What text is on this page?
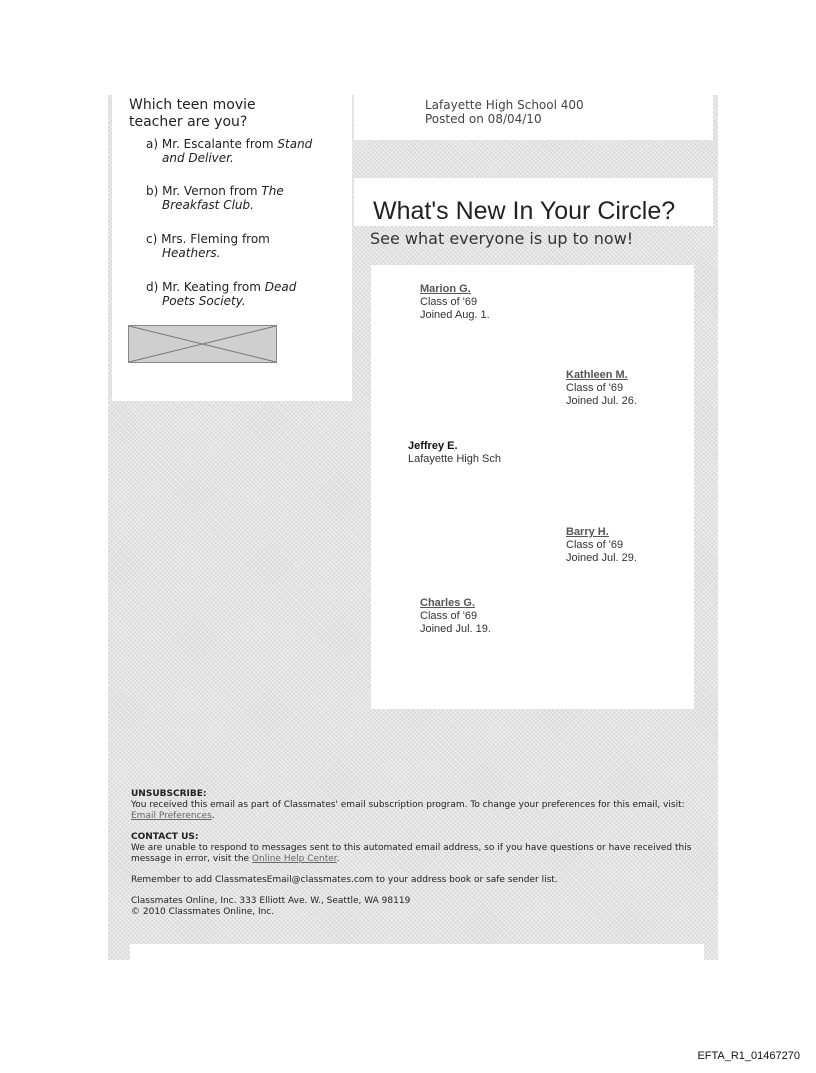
Which teen movie teacher are you?
a) Mr. Escalante from Stand
and Deliver.
b) Mr. Vernon from The
Breakfast Club.
c) Mrs. Fleming from
Heathers.
d) Mr. Keating from Dead
Poets Society.
Lafayette High School 400
Posted on 08/04/10
What's New In Your Circle?
See what everyone is up to now!
Marion G.
Class of '69
Joined Aug. 1.
Kathleen M.
Class of '69
Joined Jul. 26.
Jeffrey E.
Lafayette High Sch
Barry H.
Class of '69
Joined Jul. 29.
Charles G.
Class of '69
Joined Jul. 19.
UNSUBSCRIBE:

You received this email as part of Classmates' email subscription program. To change your preferences for this email, visit: Email Preferences.

CONTACT US:

We are unable to respond to messages sent to this automated email address, so if you have questions or have received this message in error, visit the Online Help Center.

Remember to add ClassmatesEmail@classmates.com to your address book or safe sender list.

Classmates Online, Inc. 333 Elliott Ave. W., Seattle, WA 98119

© 2010 Classmates Online, Inc.

EFTA_R1_01467270
